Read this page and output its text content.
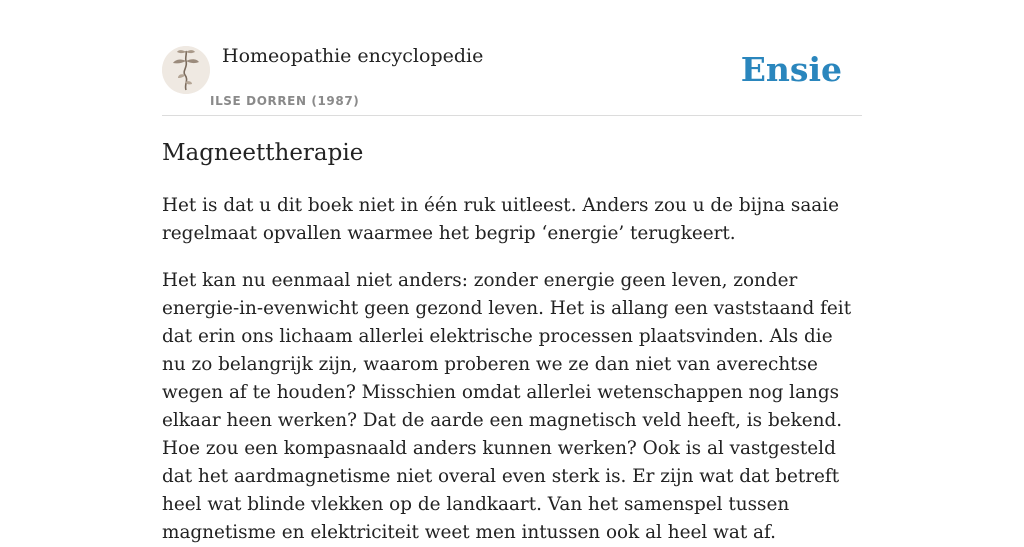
Homeopathie encyclopedie
ILSE DORREN (1987)
Ensie
Magneettherapie

Het is dat u dit boek niet in één ruk uitleest. Anders zou u de bijna saaie regelmaat opvallen waarmee het begrip ‘energie’ terugkeert.

Het kan nu eenmaal niet anders: zonder energie geen leven, zonder energie-in-evenwicht geen gezond leven. Het is allang een vaststaand feit dat erin ons lichaam allerlei elektrische processen plaatsvinden. Als die nu zo belangrijk zijn, waarom proberen we ze dan niet van averechtse wegen af te houden? Misschien omdat allerlei wetenschappen nog langs elkaar heen werken? Dat de aarde een magnetisch veld heeft, is bekend. Hoe zou een kompasnaald anders kunnen werken? Ook is al vastgesteld dat het aardmagnetisme niet overal even sterk is. Er zijn wat dat betreft heel wat blinde vlekken op de landkaart. Van het samenspel tussen magnetisme en elektriciteit weet men intussen ook al heel wat af.
